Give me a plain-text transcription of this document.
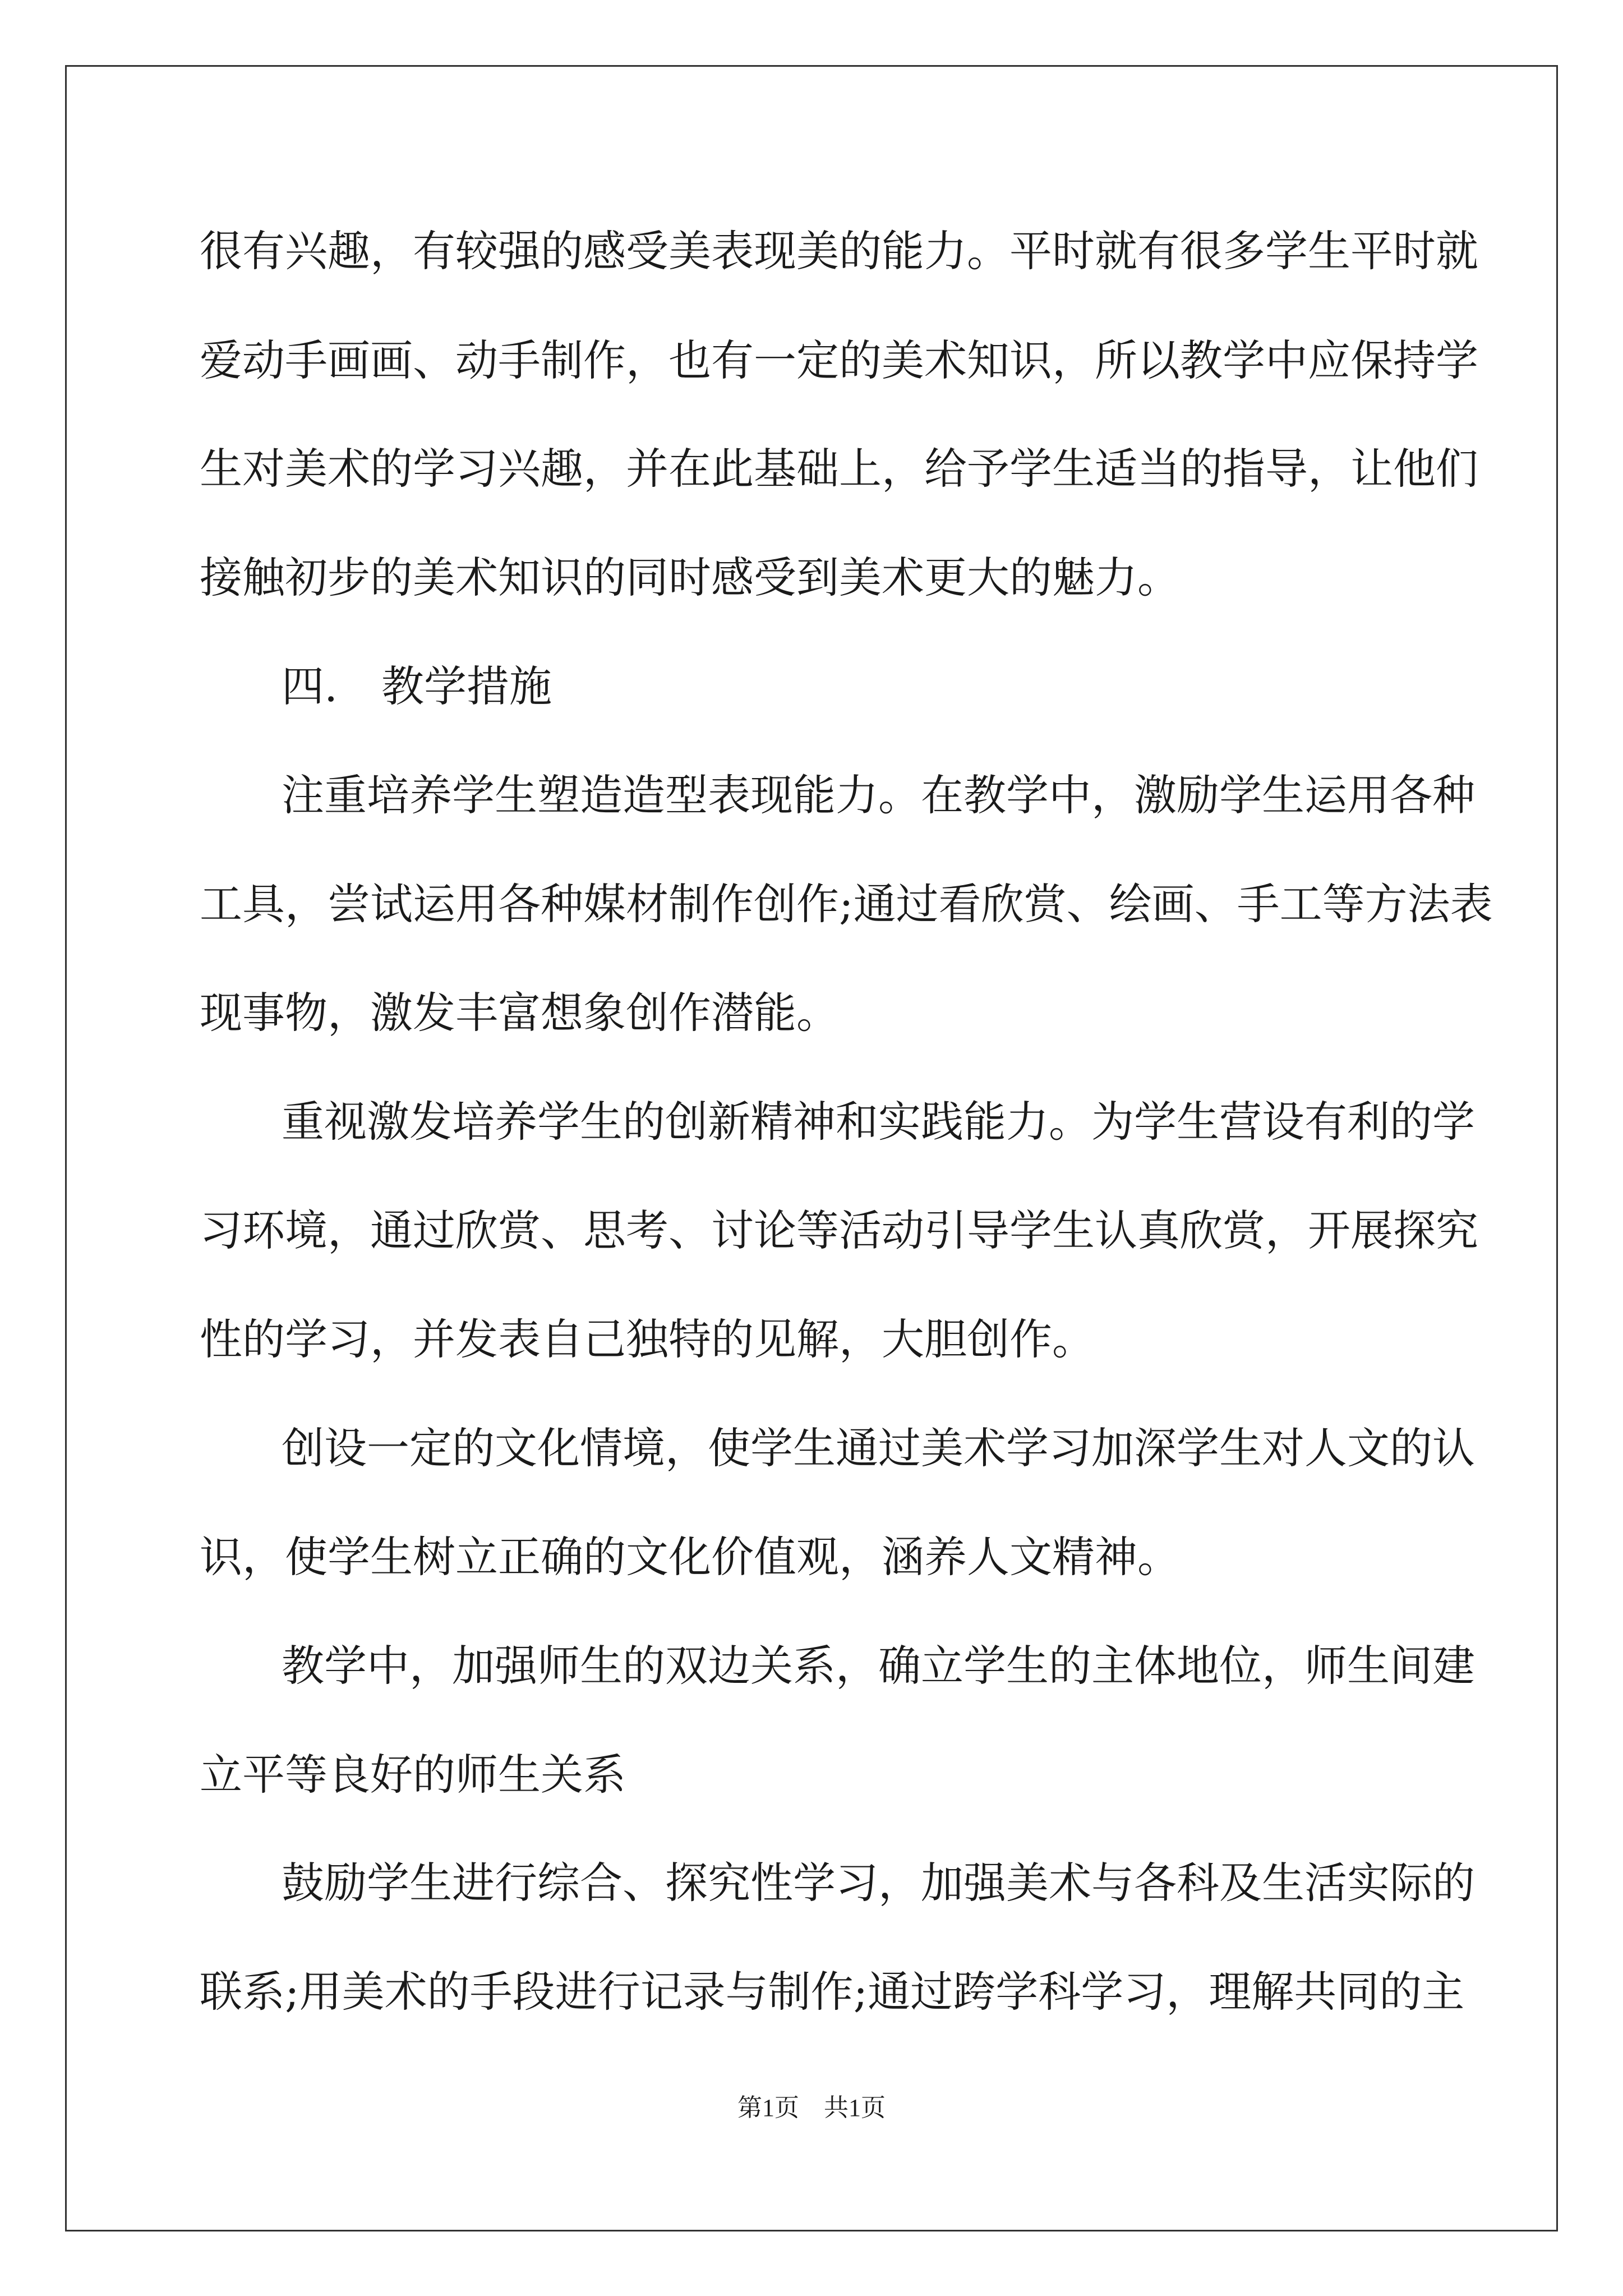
很有兴趣，有较强的感受美表现美的能力。平时就有很多学生平时就
爱动手画画、动手制作，也有一定的美术知识，所以教学中应保持学
生对美术的学习兴趣，并在此基础上，给予学生适当的指导，让他们
接触初步的美术知识的同时感受到美术更大的魅力。
四. 教学措施
注重培养学生塑造造型表现能力。在教学中，激励学生运用各种
工具，尝试运用各种媒材制作创作;通过看欣赏、绘画、手工等方法表
现事物，激发丰富想象创作潜能。
重视激发培养学生的创新精神和实践能力。为学生营设有利的学
习环境，通过欣赏、思考、讨论等活动引导学生认真欣赏，开展探究
性的学习，并发表自己独特的见解，大胆创作。
创设一定的文化情境，使学生通过美术学习加深学生对人文的认
识，使学生树立正确的文化价值观，涵养人文精神。
教学中，加强师生的双边关系，确立学生的主体地位，师生间建
立平等良好的师生关系
鼓励学生进行综合、探究性学习，加强美术与各科及生活实际的
联系;用美术的手段进行记录与制作;通过跨学科学习，理解共同的主
第1页　共1页
